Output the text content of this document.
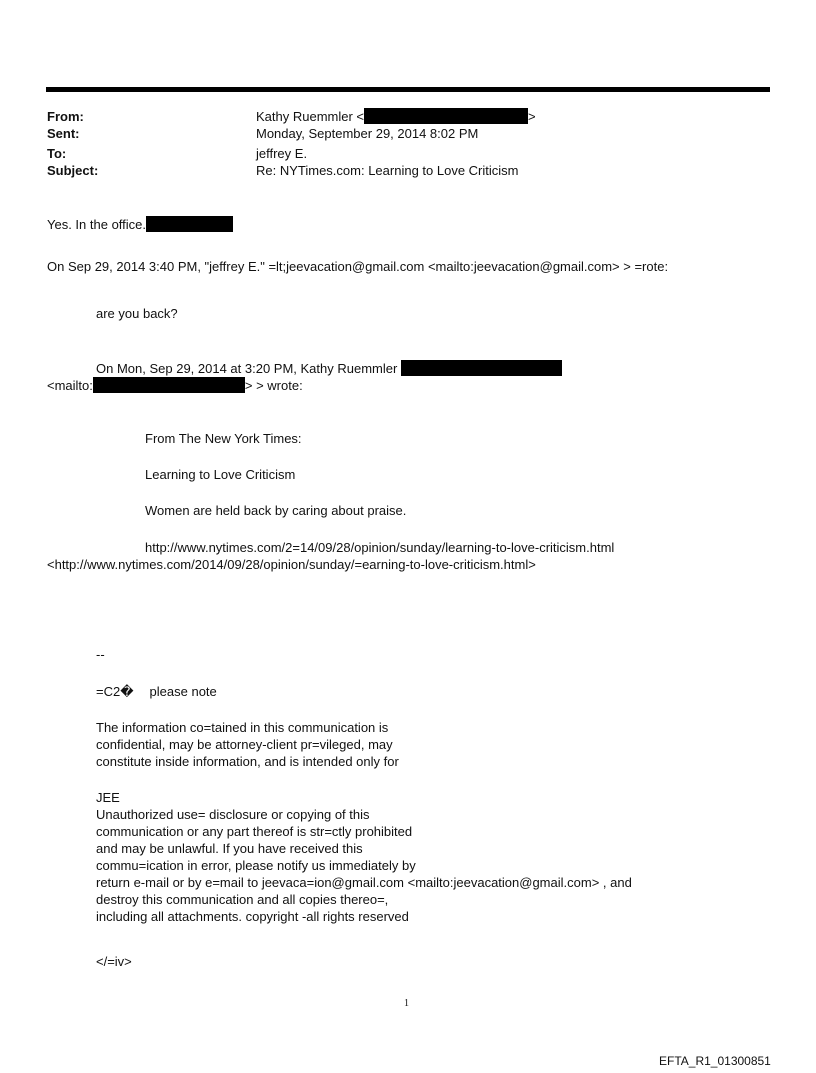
From:	Kathy Ruemmler <	>
Sent:	Monday, September 29, 2014 8:02 PM
To:	jeffrey E.
Subject:	Re: NYTimes.com: Learning to Love Criticism
Yes. In the office.
On Sep 29, 2014 3:40 PM, "jeffrey E." =lt;jeevacation@gmail.com <mailto:jeevacation@gmail.com> > =rote:
are you back?
On Mon, Sep 29, 2014 at 3:20 PM, Kathy Ruemmler
<mailto:	> > wrote:
From The New York Times:
Learning to Love Criticism
Women are held back by caring about praise.
http://www.nytimes.com/2=14/09/28/opinion/sunday/learning-to-love-criticism.html
<http://www.nytimes.com/2014/09/28/opinion/sunday/=earning-to-love-criticism.html>
--
=C2� please note

The information co=tained in this communication is

confidential, may be attorney-client pr=vileged, may

constitute inside information, and is intended only for

JEE

Unauthorized use= disclosure or copying of this

communication or any part thereof is str=ctly prohibited

and may be unlawful. If you have received this

commu=ication in error, please notify us immediately by

return e-mail or by e=mail to jeevaca=ion@gmail.com <mailto:jeevacation@gmail.com> , and

destroy this communication and all copies thereo=,

including all attachments. copyright -all rights reserved

</=iv>
1
EFTA_R1_01300851
